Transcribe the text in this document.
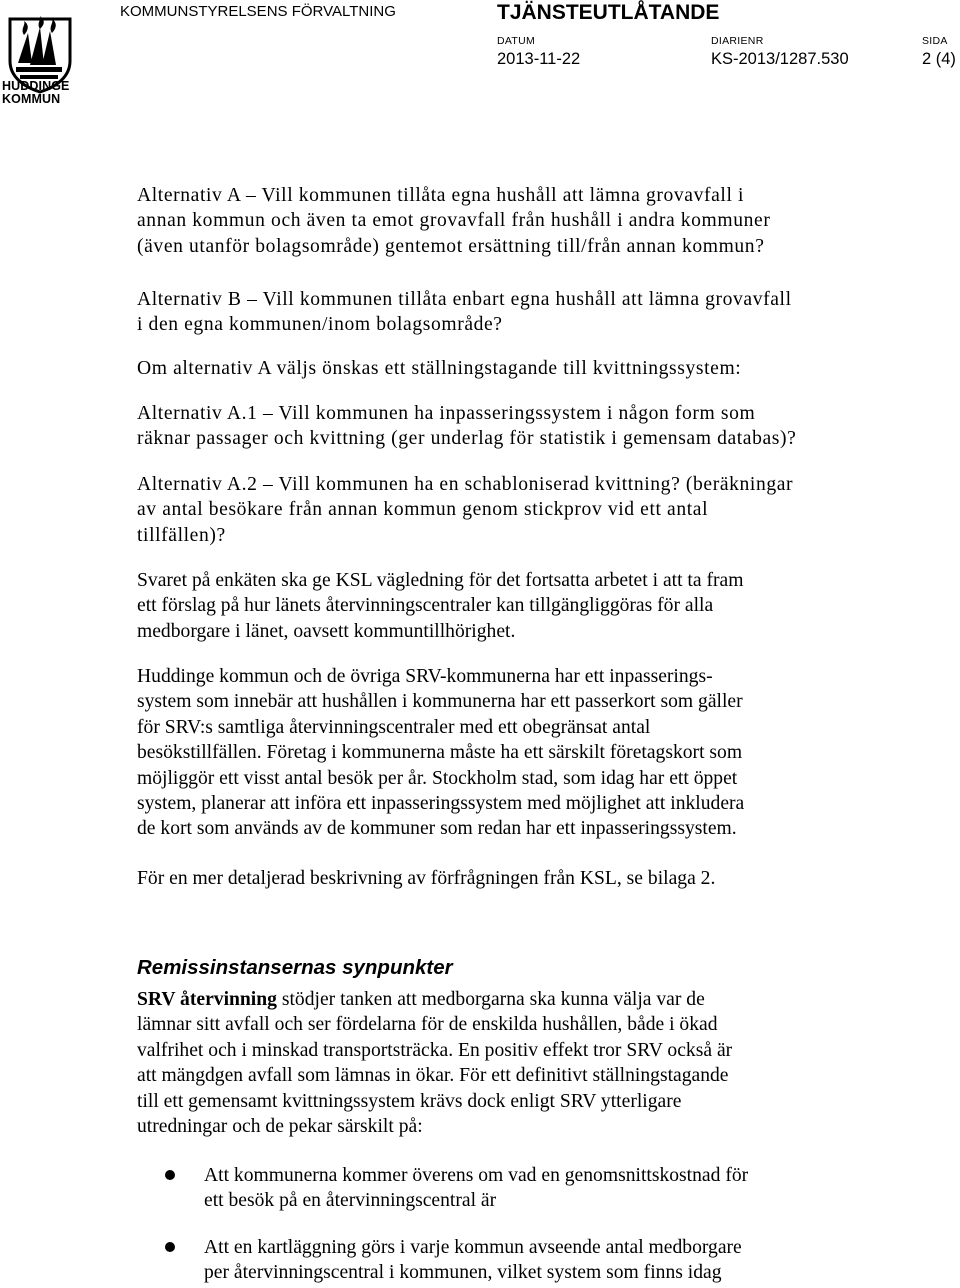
HUDDINGE
KOMMUN
KOMMUNSTYRELSENS FÖRVALTNING	TJÄNSTEUTLÅTANDE
DATUM
2013-11-22
DIARIENR
KS-2013/1287.530
SIDA
2 (4)
Alternativ A – Vill kommunen tillåta egna hushåll att lämna grovavfall i
annan kommun och även ta emot grovavfall från hushåll i andra kommuner
(även utanför bolagsområde) gentemot ersättning till/från annan kommun?
Alternativ B – Vill kommunen tillåta enbart egna hushåll att lämna grovavfall
i den egna kommunen/inom bolagsområde?
Om alternativ A väljs önskas ett ställningstagande till kvittningssystem:
Alternativ A.1 – Vill kommunen ha inpasseringssystem i någon form som
räknar passager och kvittning (ger underlag för statistik i gemensam databas)?
Alternativ A.2 – Vill kommunen ha en schabloniserad kvittning? (beräkningar
av antal besökare från annan kommun genom stickprov vid ett antal
tillfällen)?
Svaret på enkäten ska ge KSL vägledning för det fortsatta arbetet i att ta fram
ett förslag på hur länets återvinningscentraler kan tillgängliggöras för alla
medborgare i länet, oavsett kommuntillhörighet.
Huddinge kommun och de övriga SRV-kommunerna har ett inpasserings-
system som innebär att hushållen i kommunerna har ett passerkort som gäller
för SRV:s samtliga återvinningscentraler med ett obegränsat antal
besökstillfällen. Företag i kommunerna måste ha ett särskilt företagskort som
möjliggör ett visst antal besök per år. Stockholm stad, som idag har ett öppet
system, planerar att införa ett inpasseringssystem med möjlighet att inkludera
de kort som används av de kommuner som redan har ett inpasseringssystem.
För en mer detaljerad beskrivning av förfrågningen från KSL, se bilaga 2.
Remissinstansernas synpunkter
SRV återvinning stödjer tanken att medborgarna ska kunna välja var de
lämnar sitt avfall och ser fördelarna för de enskilda hushållen, både i ökad
valfrihet och i minskad transportsträcka. En positiv effekt tror SRV också är
att mängdgen avfall som lämnas in ökar. För ett definitivt ställningstagande
till ett gemensamt kvittningssystem krävs dock enligt SRV ytterligare
utredningar och de pekar särskilt på:
Att kommunerna kommer överens om vad en genomsnittskostnad för
ett besök på en återvinningscentral är
Att en kartläggning görs i varje kommun avseende antal medborgare
per återvinningscentral i kommunen, vilket system som finns idag
